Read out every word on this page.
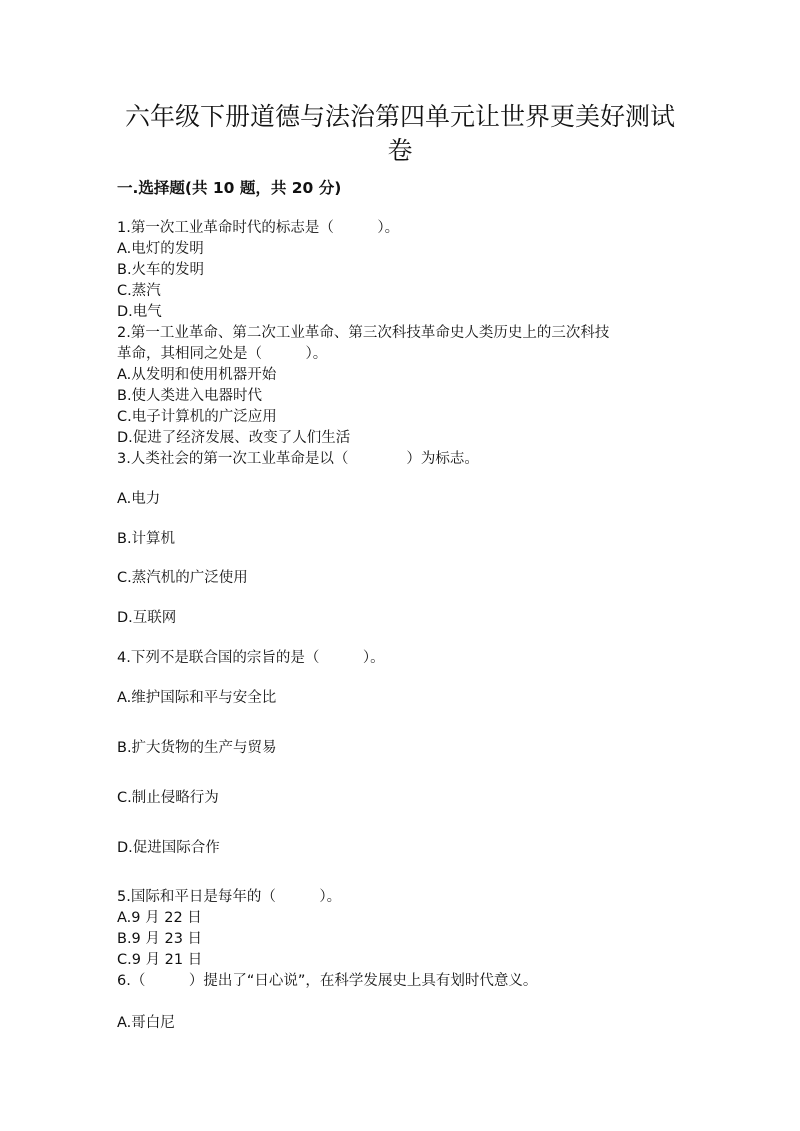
六年级下册道德与法治第四单元让世界更美好测试
卷
一.选择题(共 10 题，共 20 分)
1.第一次工业革命时代的标志是（　　　）。
A.电灯的发明
B.火车的发明
C.蒸汽
D.电气
2.第一工业革命、第二次工业革命、第三次科技革命史人类历史上的三次科技
革命，其相同之处是（　　　）。
A.从发明和使用机器开始
B.使人类进入电器时代
C.电子计算机的广泛应用
D.促进了经济发展、改变了人们生活
3.人类社会的第一次工业革命是以（　　　　）为标志。
A.电力
B.计算机
C.蒸汽机的广泛使用
D.互联网
4.下列不是联合国的宗旨的是（　　　）。
A.维护国际和平与安全比
B.扩大货物的生产与贸易
C.制止侵略行为
D.促进国际合作
5.国际和平日是每年的（　　　）。
A.9 月 22 日
B.9 月 23 日
C.9 月 21 日
6.（　　　）提出了“日心说”，在科学发展史上具有划时代意义。
A.哥白尼
